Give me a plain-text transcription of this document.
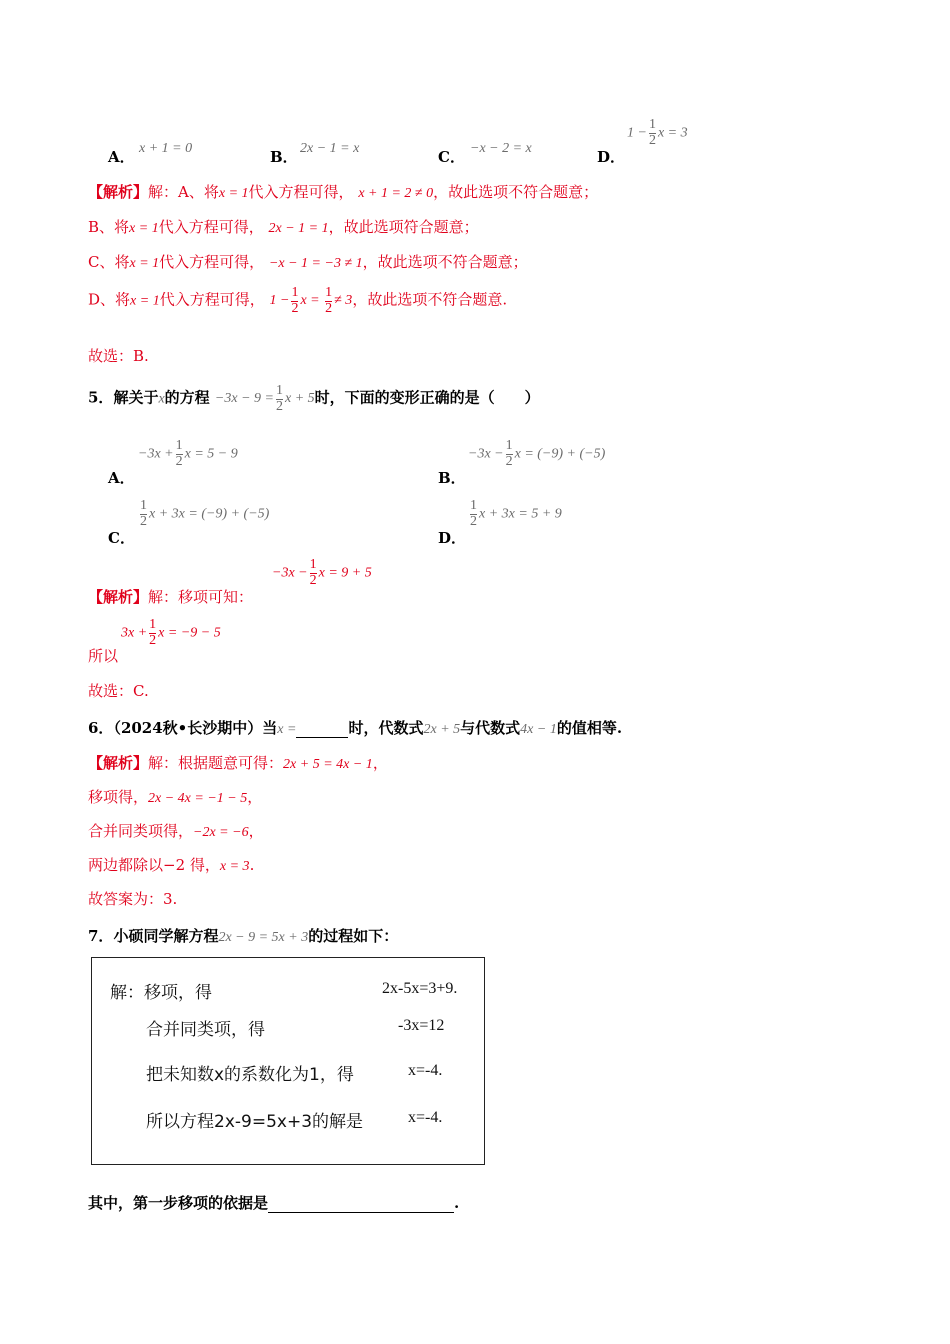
A． x + 1 = 0	B． 2x − 1 = x	C． −x − 2 = x	D．
$1 - \frac{1}{2}$ x = 3
【解析】解：A、将x = 1代入方程可得， x + 1 = 2 ≠ 0，故此选项不符合题意；
B、将x = 1代入方程可得， 2x − 1 = 1，故此选项符合题意；
C、将x = 1代入方程可得， −x − 1 = −3 ≠ 1，故此选项不符合题意；
D、将x = 1代入方程可得， $1 - \frac{1}{2}$ $x = \frac{1}{2} \ne 3$，故此选项不符合题意.
故选：B.
5．解关于x的方程 $-3x - 9 = \frac{1}{2}$ x + 5时，下面的变形正确的是（　　）
A．
$-3x + \frac{1}{2}$ x = 5 − 9
B．
$-3x - \frac{1}{2}$ x = (−9) + (−5)
C．
$\frac{1}{2}$ x + 3x = (−9) + (−5)
D．
$\frac{1}{2}$ x + 3x = 5 + 9
【解析】解：移项可知：
$-3x - \frac{1}{2}$ x = 9 + 5
$3x + \frac{1}{2}$ x = −9 − 5
所以
故选：C.
6．（2024秋•长沙期中）当x =	时，代数式2x + 5与代数式4x − 1的值相等.
【解析】解：根据题意可得：2x + 5 = 4x − 1，
移项得，2x − 4x = −1 − 5，
合并同类项得，−2x = −6，
两边都除以−2 得，x = 3.
故答案为：3.
7．小硕同学解方程2x − 9 = 5x + 3的过程如下：
解：移项，得	2x-5x=3+9.
合并同类项，得	-3x=12
把未知数x的系数化为1，得	x=-4.
所以方程2x-9=5x+3的解是	x=-4.
其中，第一步移项的依据是	.
